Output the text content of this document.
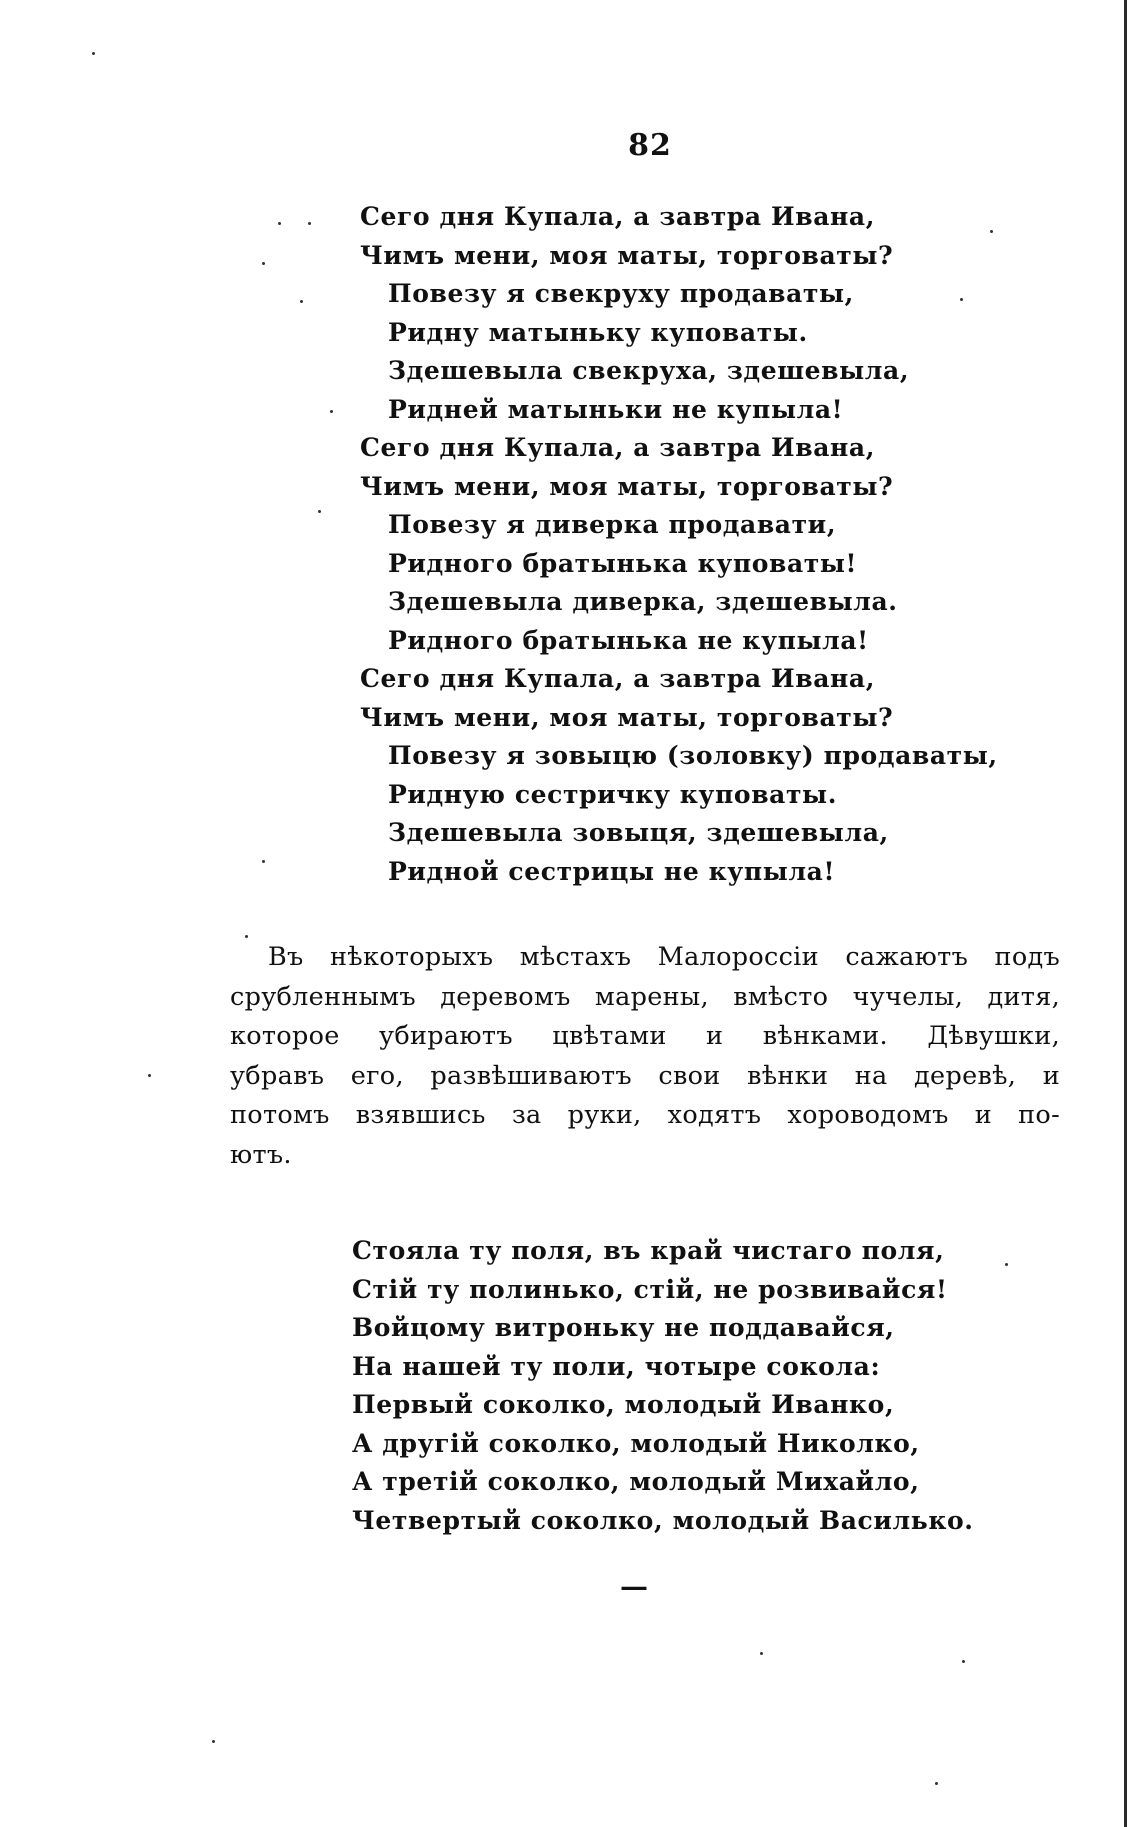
82
Сего дня Купала, а завтра Ивана,
Чимъ мени, моя маты, торговаты?
Повезу я свекруху продаваты,
Ридну матыньку куповаты.
Здешевыла свекруха, здешевыла,
Ридней матыньки не купыла!
Сего дня Купала, а завтра Ивана,
Чимъ мени, моя маты, торговаты?
Повезу я диверка продавати,
Ридного братынька куповаты!
Здешевыла диверка, здешевыла.
Ридного братынька не купыла!
Сего дня Купала, а завтра Ивана,
Чимъ мени, моя маты, торговаты?
Повезу я зовыцю (золовку) продаваты,
Ридную сестричку куповаты.
Здешевыла зовыця, здешевыла,
Ридной сестрицы не купыла!
Въ нѣкоторыхъ мѣстахъ Малороссіи сажаютъ подъ
срубленнымъ деревомъ марены, вмѣсто чучелы, дитя,
которое убираютъ цвѣтами и вѣнками. Дѣвушки,
убравъ его, развѣшиваютъ свои вѣнки на деревѣ, и
потомъ взявшись за руки, ходятъ хороводомъ и по-
ютъ.
Стояла ту поля, въ край чистаго поля,
Стій ту полинько, стій, не розвивайся!
Войцому витроньку не поддавайся,
На нашей ту поли, чотыре сокола:
Первый соколко, молодый Иванко,
А другій соколко, молодый Николко,
А третій соколко, молодый Михайло,
Четвертый соколко, молодый Василько.
—
